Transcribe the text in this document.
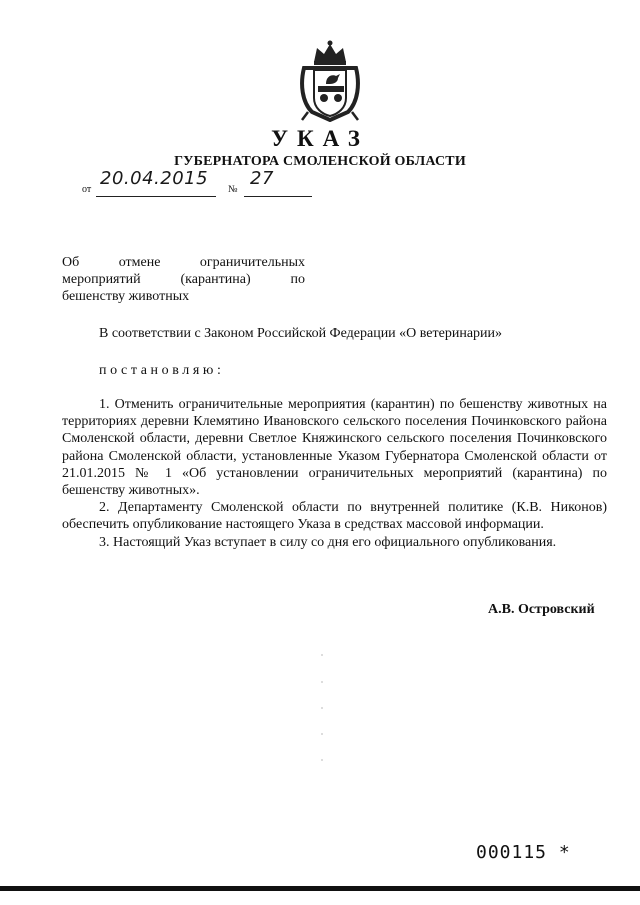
УКАЗ
ГУБЕРНАТОРА СМОЛЕНСКОЙ ОБЛАСТИ
от
20.04.2015
№
27
Об отмене ограничительных
мероприятий (карантина) по
бешенству животных
В соответствии с Законом Российской Федерации «О ветеринарии»
постановляю:

1. Отменить ограничительные мероприятия (карантин) по бешенству животных на территориях деревни Клемятино Ивановского сельского поселения Починковского района Смоленской области, деревни Светлое Княжинского сельского поселения Починковского района Смоленской области, установленные Указом Губернатора Смоленской области от 21.01.2015 № 1 «Об установлении ограничительных мероприятий (карантина) по бешенству животных».

2. Департаменту Смоленской области по внутренней политике (К.В. Никонов) обеспечить опубликование настоящего Указа в средствах массовой информации.

3. Настоящий Указ вступает в силу со дня его официального опубликования.

А.В. Островский
000115 *
